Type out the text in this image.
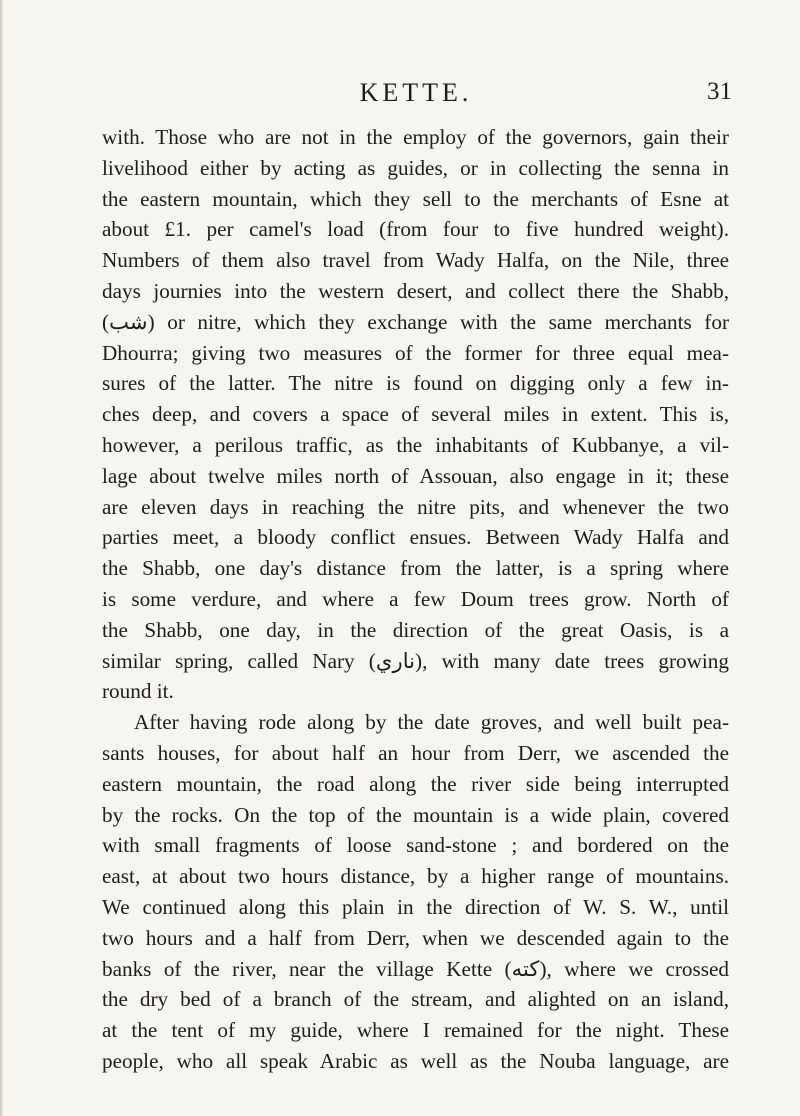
KETTE.	31
with. Those who are not in the employ of the governors, gain their
livelihood either by acting as guides, or in collecting the senna in
the eastern mountain, which they sell to the merchants of Esne at
about £1. per camel's load (from four to five hundred weight).
Numbers of them also travel from Wady Halfa, on the Nile, three
days journies into the western desert, and collect there the Shabb,
(شب) or nitre, which they exchange with the same merchants for
Dhourra; giving two measures of the former for three equal mea-
sures of the latter. The nitre is found on digging only a few in-
ches deep, and covers a space of several miles in extent. This is,
however, a perilous traffic, as the inhabitants of Kubbanye, a vil-
lage about twelve miles north of Assouan, also engage in it; these
are eleven days in reaching the nitre pits, and whenever the two
parties meet, a bloody conflict ensues. Between Wady Halfa and
the Shabb, one day's distance from the latter, is a spring where
is some verdure, and where a few Doum trees grow. North of
the Shabb, one day, in the direction of the great Oasis, is a
similar spring, called Nary (ناري), with many date trees growing
round it.
After having rode along by the date groves, and well built pea-
sants houses, for about half an hour from Derr, we ascended the
eastern mountain, the road along the river side being interrupted
by the rocks. On the top of the mountain is a wide plain, covered
with small fragments of loose sand-stone ; and bordered on the
east, at about two hours distance, by a higher range of mountains.
We continued along this plain in the direction of W. S. W., until
two hours and a half from Derr, when we descended again to the
banks of the river, near the village Kette (كته), where we crossed
the dry bed of a branch of the stream, and alighted on an island,
at the tent of my guide, where I remained for the night. These
people, who all speak Arabic as well as the Nouba language, are
